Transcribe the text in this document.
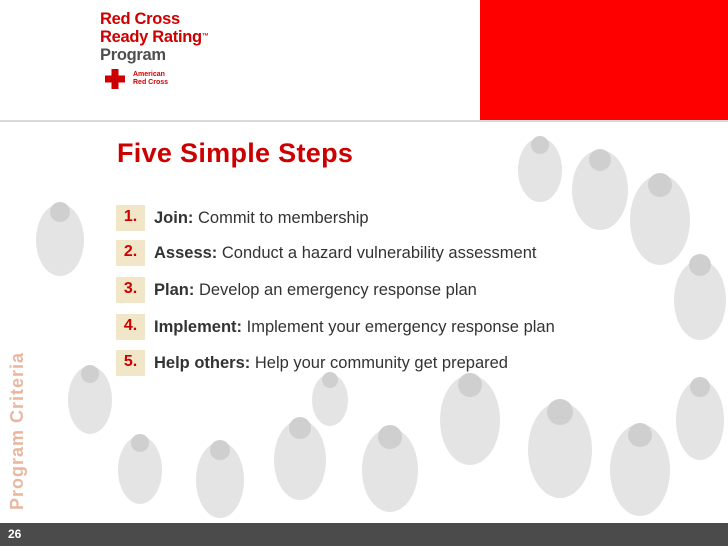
Red Cross
Ready Rating™
Program
American
Red Cross
Five Simple Steps
1.	Join: Commit to membership
2.	Assess: Conduct a hazard vulnerability assessment
3.	Plan: Develop an emergency response plan
4.	Implement: Implement your emergency response plan
5.	Help others: Help your community get prepared
Program Criteria
26
